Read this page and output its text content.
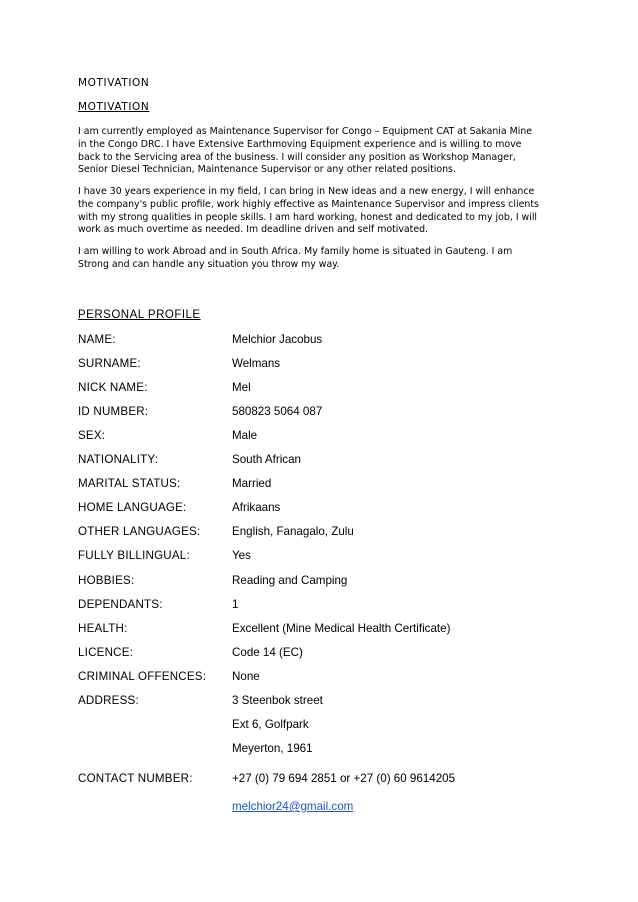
MOTIVATION
MOTIVATION

I am currently employed as Maintenance Supervisor for Congo – Equipment CAT at Sakania Mine
in the Congo DRC. I have Extensive Earthmoving Equipment experience and is willing to move
back to the Servicing area of the business. I will consider any position as Workshop Manager,
Senior Diesel Technician, Maintenance Supervisor or any other related positions.

I have 30 years experience in my field, I can bring in New ideas and a new energy, I will enhance
the company's public profile, work highly effective as Maintenance Supervisor and impress clients
with my strong qualities in people skills. I am hard working, honest and dedicated to my job, I will
work as much overtime as needed. Im deadline driven and self motivated.

I am willing to work Abroad and in South Africa. My family home is situated in Gauteng. I am
Strong and can handle any situation you throw my way.

PERSONAL PROFILE
NAME:	Melchior Jacobus
SURNAME:	Welmans
NICK NAME:	Mel
ID NUMBER:	580823 5064 087
SEX:	Male
NATIONALITY:	South African
MARITAL STATUS:	Married
HOME LANGUAGE:	Afrikaans
OTHER LANGUAGES:	English, Fanagalo, Zulu
FULLY BILLINGUAL:	Yes
HOBBIES:	Reading and Camping
DEPENDANTS:	1
HEALTH:	Excellent (Mine Medical Health Certificate)
LICENCE:	Code 14 (EC)
CRIMINAL OFFENCES: None
ADDRESS:	3 Steenbok street
Ext 6, Golfpark
Meyerton, 1961
CONTACT NUMBER:	+27 (0) 79 694 2851 or +27 (0) 60 9614205
melchior24@gmail.com
